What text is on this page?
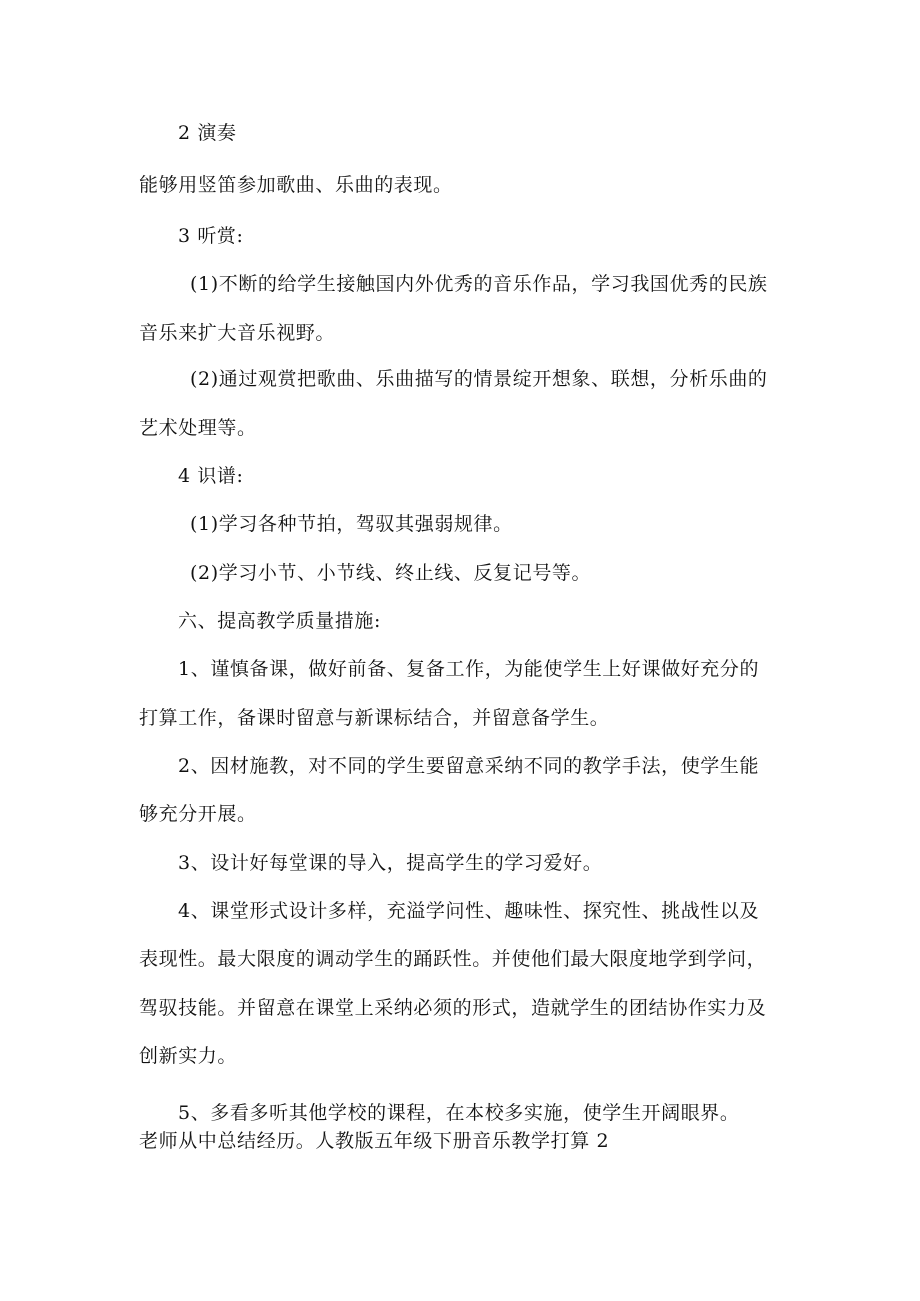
2 演奏
能够用竖笛参加歌曲、乐曲的表现。
3 听赏:
(1)不断的给学生接触国内外优秀的音乐作品，学习我国优秀的民族
音乐来扩大音乐视野。
(2)通过观赏把歌曲、乐曲描写的情景绽开想象、联想，分析乐曲的
艺术处理等。
4 识谱:
(1)学习各种节拍，驾驭其强弱规律。
(2)学习小节、小节线、终止线、反复记号等。
六、提高教学质量措施:
1、谨慎备课，做好前备、复备工作，为能使学生上好课做好充分的
打算工作，备课时留意与新课标结合，并留意备学生。
2、因材施教，对不同的学生要留意采纳不同的教学手法，使学生能
够充分开展。
3、设计好每堂课的导入，提高学生的学习爱好。
4、课堂形式设计多样，充溢学问性、趣味性、探究性、挑战性以及
表现性。最大限度的调动学生的踊跃性。并使他们最大限度地学到学问，
驾驭技能。并留意在课堂上采纳必须的形式，造就学生的团结协作实力及
创新实力。
5、多看多听其他学校的课程，在本校多实施，使学生开阔眼界。
老师从中总结经历。人教版五年级下册音乐教学打算 2
